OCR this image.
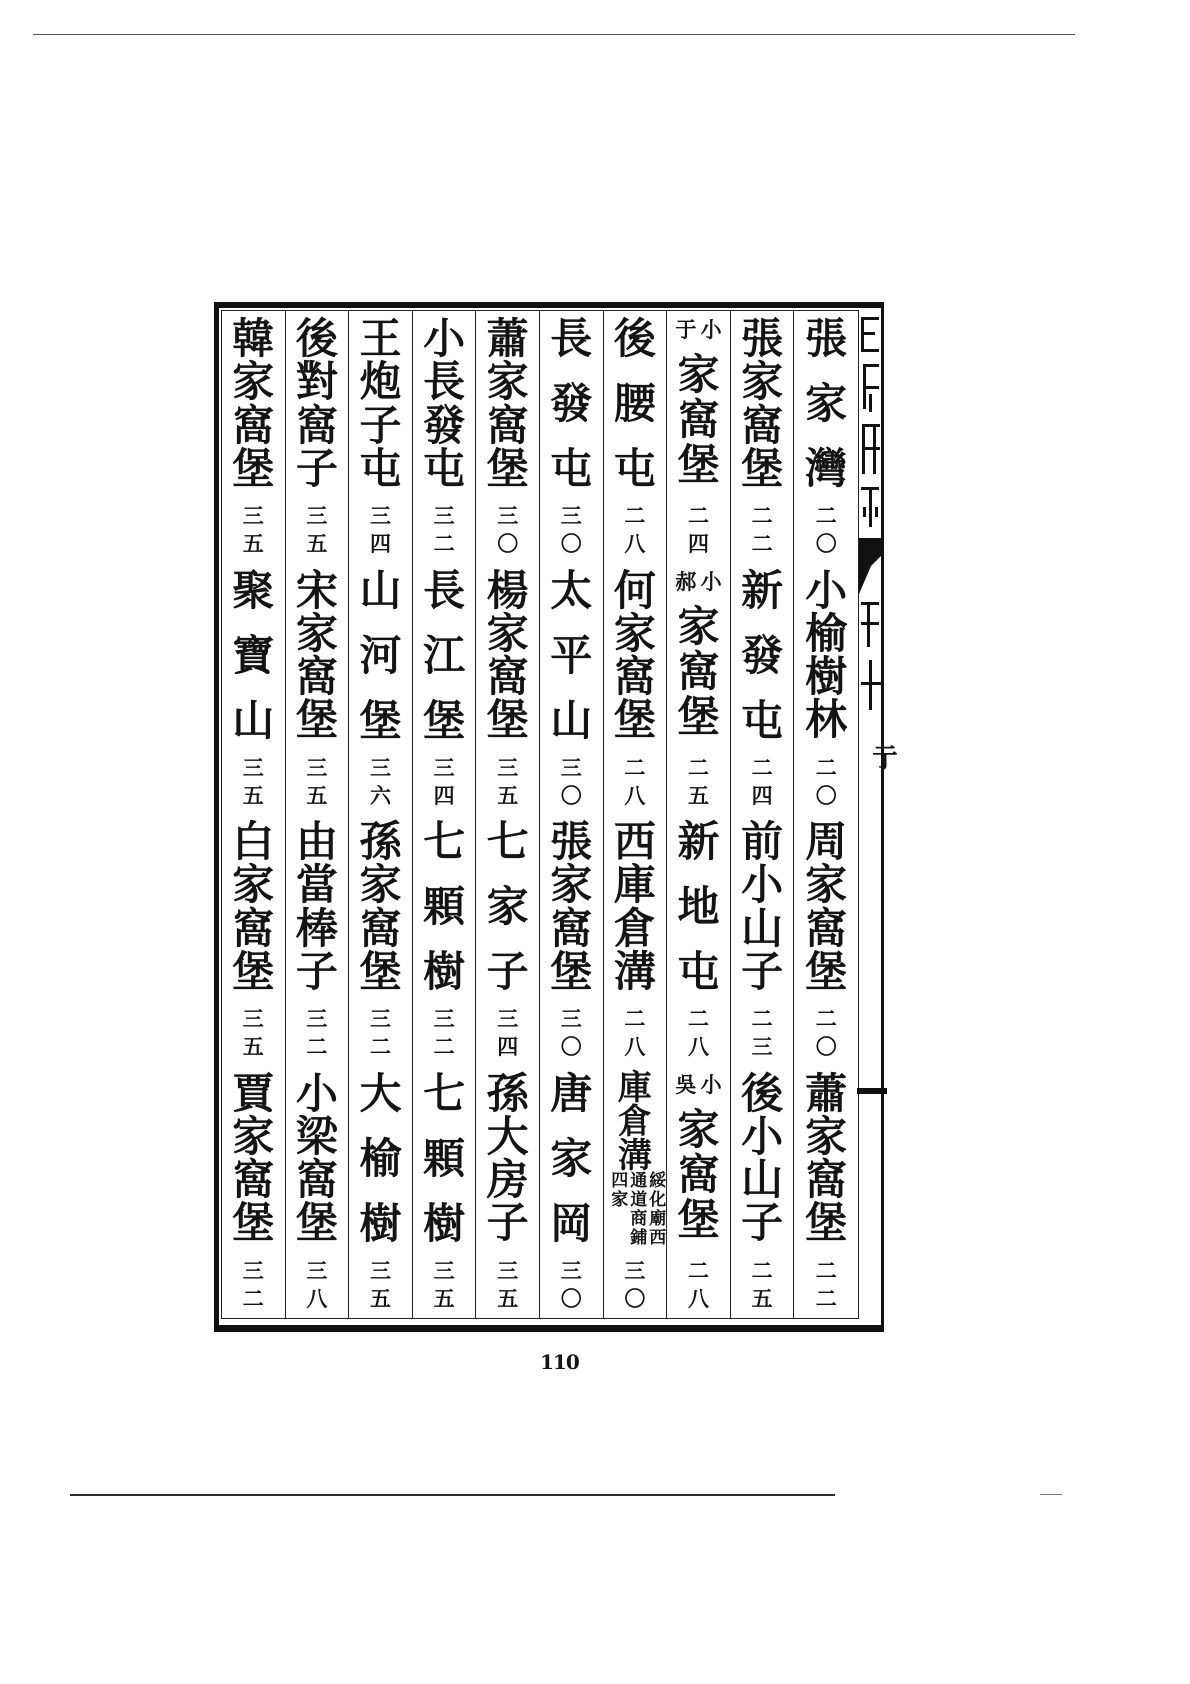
張
家
灣
二
〇
小
榆
樹
林
二
〇
周
家
窩
堡
二
〇
蕭
家
窩
堡
二
二
張
家
窩
堡
二
二
新
發
屯
二
四
前
小
山
子
二
三
後
小
山
子
二
五
小
于
家
窩
堡
二
四
小
郝
家
窩
堡
二
五
新
地
屯
二
八
小
吳
家
窩
堡
二
八
後
腰
屯
二
八
何
家
窩
堡
二
八
西
庫
倉
溝
二
八
庫
倉
溝
綏化廟西通道商鋪四家
三
〇
長
發
屯
三
〇
太
平
山
三
〇
張
家
窩
堡
三
〇
唐
家
岡
三
〇
蕭
家
窩
堡
三
〇
楊
家
窩
堡
三
五
七
家
子
三
四
孫
大
房
子
三
五
小
長
發
屯
三
二
長
江
堡
三
四
七
顆
樹
三
二
七
顆
樹
三
五
王
炮
子
屯
三
四
山
河
堡
三
六
孫
家
窩
堡
三
二
大
榆
樹
三
五
後
對
窩
子
三
五
宋
家
窩
堡
三
五
由
當
棒
子
三
二
小
梁
窩
堡
三
八
韓
家
窩
堡
三
五
聚
寶
山
三
五
白
家
窩
堡
三
五
賈
家
窩
堡
三
二
亍
110
